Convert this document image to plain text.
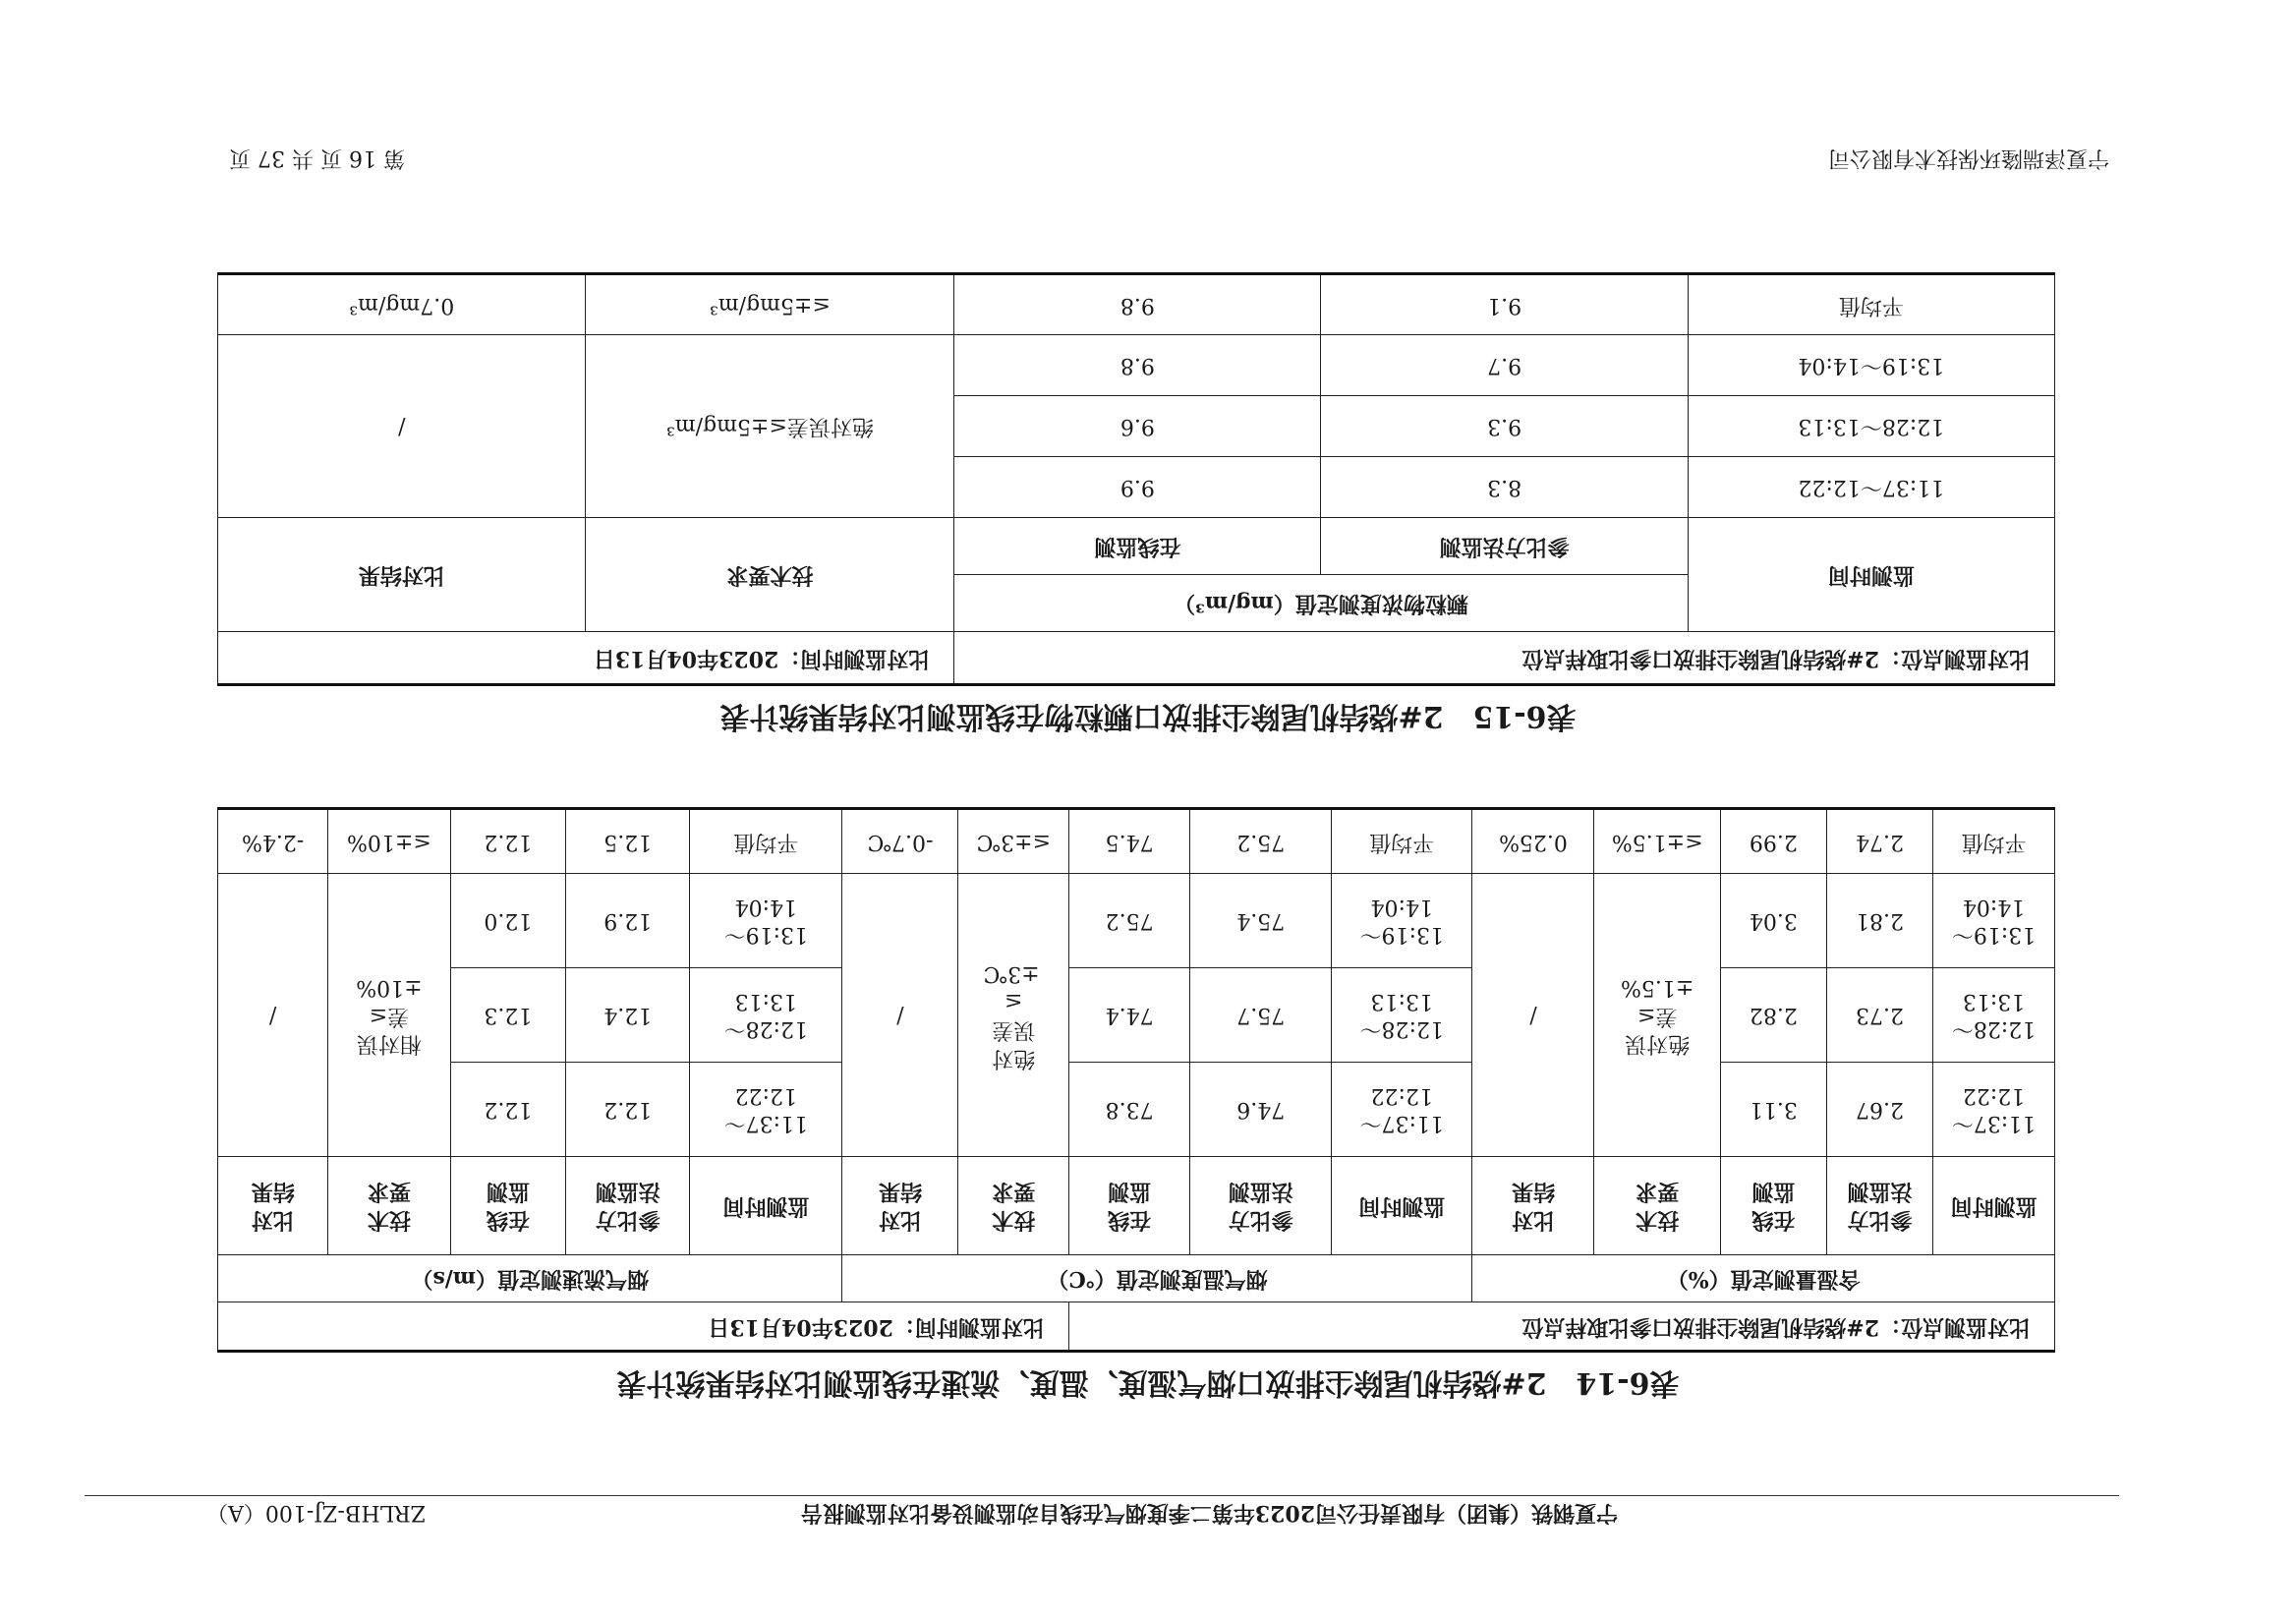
宁夏钢铁（集团）有限责任公司2023年第二季度烟气在线自动监测设备比对监测报告
ZRLHB-ZJ-100（A）
表6-14　2#烧结机尾除尘排放口烟气湿度、温度、流速在线监测比对结果统计表
比对监测点位：2#烧结机尾除尘排放口参比取样点位								比对监测时间：2023年04月13日						
含湿量测定值（%）					烟气温度测定值（℃）					烟气流速测定值（m/s）				
监测时间	参比方法监测	在线监测	技术要求	比对结果	监测时间	参比方法监测	在线监测	技术要求	比对结果	监测时间	参比方法监测	在线监测	技术要求	比对结果
11:37～12:22	2.67	3.11	绝对误差≤±1.5%	/	11:37～12:22	74.6	73.8	绝对误差≤±3℃	/	11:37～12:22	12.2	12.2	相对误差≤±10%	/
12:28～13:13	2.73	2.82			12:28～13:13	75.7	74.4			12:28～13:13	12.4	12.3		
13:19～14:04	2.81	3.04			13:19～14:04	75.4	75.2			13:19～14:04	12.9	12.0		
平均值	2.74	2.99	≤±1.5%	0.25%	平均值	75.2	74.5	≤±3℃	-0.7℃	平均值	12.5	12.2	≤±10%	-2.4%
表6-15　2#烧结机尾除尘排放口颗粒物在线监测比对结果统计表
比对监测点位：2#烧结机尾除尘排放口参比取样点位			比对监测时间：2023年04月13日	
监测时间	颗粒物浓度测定值（mg/m³）		技术要求	比对结果
	参比方法监测	在线监测		
11:37～12:22	8.3	9.9	绝对误差≤±5mg/m³	/
12:28～13:13	9.3	9.6		
13:19～14:04	9.7	9.8		
平均值	9.1	9.8	≤±5mg/m³	0.7mg/m³
宁夏泽瑞隆环保技术有限公司
第 16 页 共 37 页
